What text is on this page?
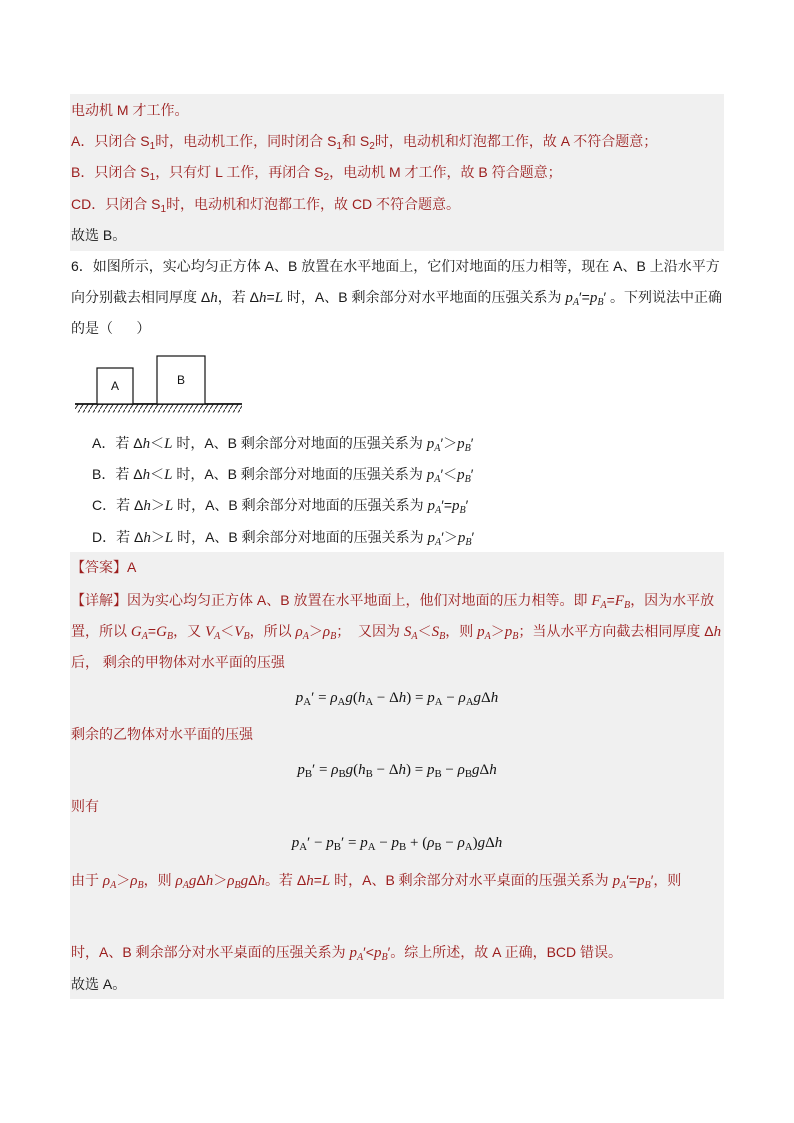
电动机 M 才工作。
A．只闭合 $S_1$时，电动机工作，同时闭合 $S_1$和 $S_2$时，电动机和灯泡都工作，故 A 不符合题意；
B．只闭合 $S_1$，只有灯 L 工作，再闭合 $S_2$，电动机 M 才工作，故 B 符合题意；
CD．只闭合 $S_1$时，电动机和灯泡都工作，故 CD 不符合题意。
故选 B。
6．如图所示，实心均匀正方体 A、B 放置在水平地面上，它们对地面的压力相等，现在 A、B 上沿水平方
向分别截去相同厚度 Δh，若 Δh=L 时，A、B 剩余部分对水平地面的压强关系为 $p_A'=p_B'$ 。下列说法中正确
的是（      ）
A	B
A．若 Δh＜L 时，A、B 剩余部分对地面的压强关系为 $p_A'>p_B'$
B．若 Δh＜L 时，A、B 剩余部分对地面的压强关系为 $p_A'<p_B'$
C．若 Δh＞L 时，A、B 剩余部分对地面的压强关系为 $p_A'=p_B'$
D．若 Δh＞L 时，A、B 剩余部分对地面的压强关系为 $p_A'>p_B'$
【答案】A
【详解】因为实心均匀正方体 A、B 放置在水平地面上，他们对地面的压力相等。即 $F_A=F_B$，因为水平放
置，所以 $G_A=G_B$，又 $V_A<V_B$，所以 $\rho_A>\rho_B$；  又因为 $S_A<S_B$，则 $p_A>p_B$；当从水平方向截去相同厚度 Δh
后， 剩余的甲物体对水平面的压强
$p_A' = \rho_Ag(h_A - \Delta h) = p_A - \rho_Ag\Delta h$
剩余的乙物体对水平面的压强
$p_B' = \rho_Bg(h_B - \Delta h) = p_B - \rho_Bg\Delta h$
则有
$p_A' - p_B' = p_A - p_B + (\rho_B - \rho_A)g\Delta h$
由于 $\rho_A>\rho_B$，则 $\rho_Ag\Delta h>\rho_Bg\Delta h$。若 Δh=L 时，A、B 剩余部分对水平桌面的压强关系为 $p_A'=p_B'$，则

时，A、B 剩余部分对水平桌面的压强关系为 $p_A'<p_B'$。综上所述，故 A 正确，BCD 错误。
故选 A。
